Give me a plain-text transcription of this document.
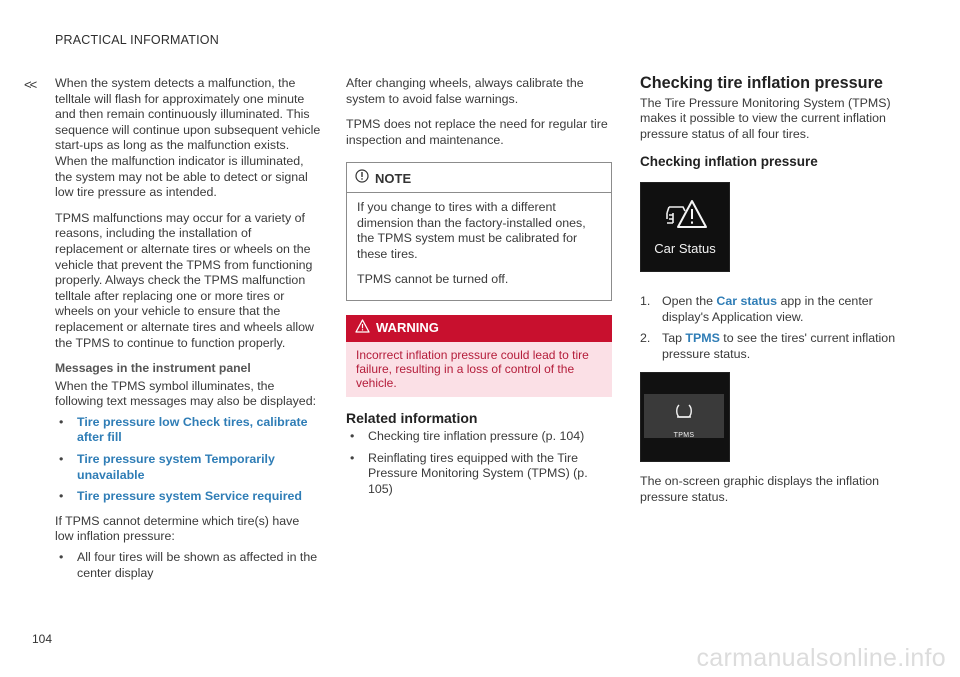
PRACTICAL INFORMATION
<< When the system detects a malfunction, the telltale will flash for approximately one minute and then remain continuously illuminated. This sequence will continue upon subsequent vehicle start-ups as long as the malfunction exists. When the malfunction indicator is illuminated, the system may not be able to detect or signal low tire pressure as intended.

TPMS malfunctions may occur for a variety of reasons, including the installation of replacement or alternate tires or wheels on the vehicle that prevent the TPMS from functioning properly. Always check the TPMS malfunction telltale after replacing one or more tires or wheels on your vehicle to ensure that the replacement or alternate tires and wheels allow the TPMS to continue to function properly.

Messages in the instrument panel

When the TPMS symbol illuminates, the following text messages may also be displayed:

• Tire pressure low Check tires, calibrate after fill
• Tire pressure system Temporarily unavailable
• Tire pressure system Service required

If TPMS cannot determine which tire(s) have low inflation pressure:

• All four tires will be shown as affected in the center display

After changing wheels, always calibrate the system to avoid false warnings.

TPMS does not replace the need for regular tire inspection and maintenance.

NOTE

If you change to tires with a different dimension than the factory-installed ones, the TPMS system must be calibrated for these tires.

TPMS cannot be turned off.

WARNING
Incorrect inflation pressure could lead to tire failure, resulting in a loss of control of the vehicle.
Related information
• Checking tire inflation pressure (p. 104)
• Reinflating tires equipped with the Tire Pressure Monitoring System (TPMS) (p. 105)
Checking tire inflation pressure

The Tire Pressure Monitoring System (TPMS) makes it possible to view the current inflation pressure status of all four tires.

Checking inflation pressure
Car Status
1. Open the Car status app in the center display's Application view.
2. Tap TPMS to see the tires' current inflation pressure status.
TPMS

The on-screen graphic displays the inflation pressure status.

104
carmanualsonline.info
